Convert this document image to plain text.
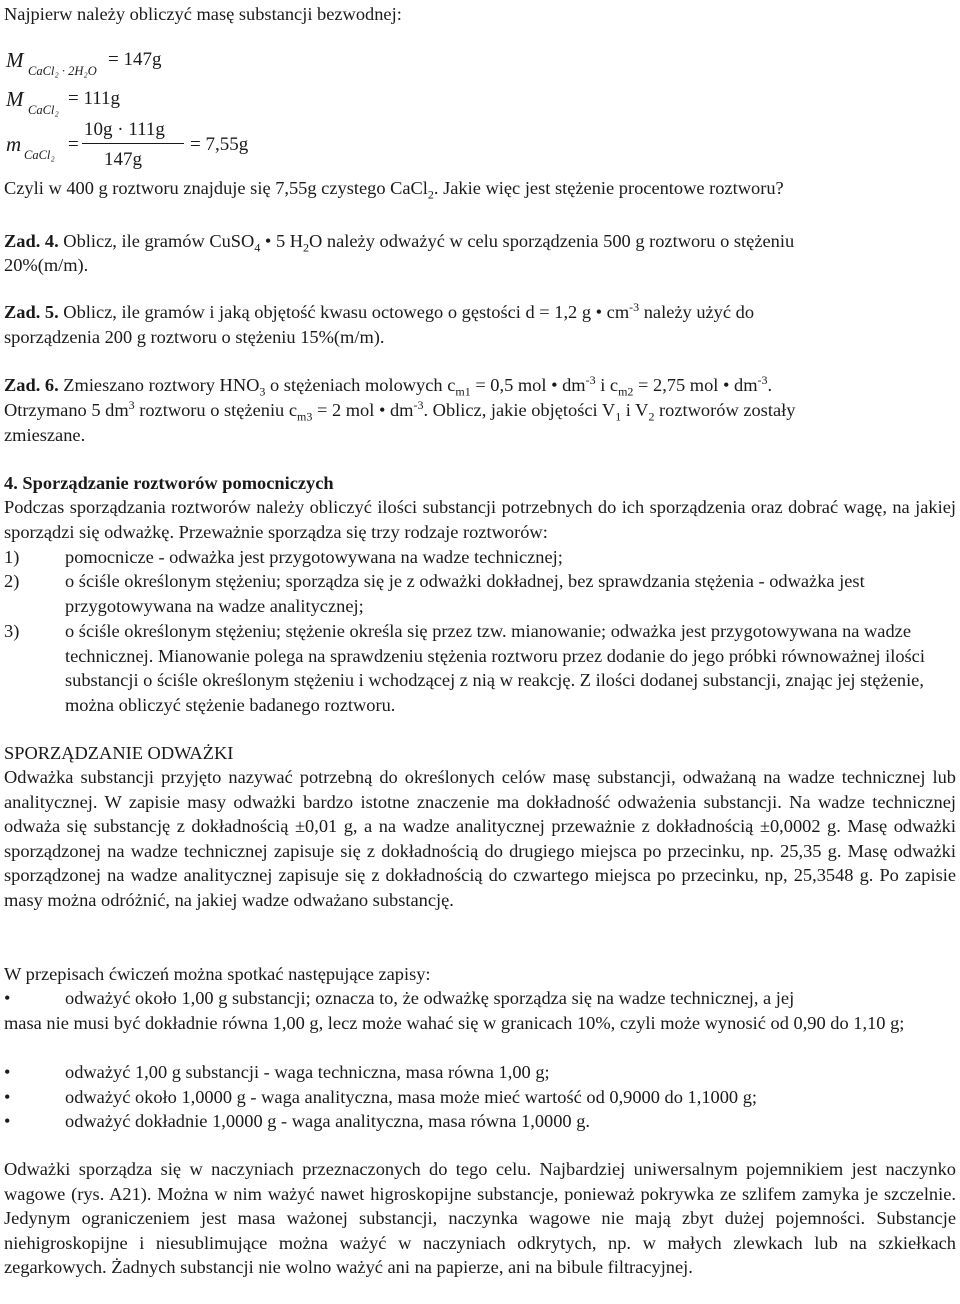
Najpierw należy obliczyć masę substancji bezwodnej:
M CaCl₂ · 2H₂O
= 147g
M CaCl₂
= 111g
m CaCl₂ =
10g · 111g
147g
= 7,55g
Czyli w 400 g roztworu znajduje się 7,55g czystego CaCl$_2$. Jakie więc jest stężenie procentowe roztworu?
Zad. 4. Oblicz, ile gramów CuSO$_4$ • 5 $H_2O$ należy odważyć w celu sporządzenia 500 g roztworu o stężeniu
20%(m/m).
Zad. 5. Oblicz, ile gramów i jaką objętość kwasu octowego o gęstości d = 1,2 g • $cm^{-3}$ należy użyć do
sporządzenia 200 g roztworu o stężeniu 15%(m/m).
Zad. 6. Zmieszano roztwory $HNO_3$ o stężeniach molowych $c_{m1} = 0,5$ mol • $dm^{-3}$ i $c_{m2} = 2,75$ mol • $dm^{-3}$.
Otrzymano 5 $dm^3$ roztworu o stężeniu $c_{m3} = 2$ mol • $dm^{-3}$. Oblicz, jakie objętości $V_1$ i $V_2$ roztworów zostały
zmieszane.
4. Sporządzanie roztworów pomocniczych
Podczas sporządzania roztworów należy obliczyć ilości substancji potrzebnych do ich sporządzenia oraz dobrać wagę, na jakiej sporządzi się odważkę. Przeważnie sporządza się trzy rodzaje roztworów:
1) pomocnicze - odważka jest przygotowywana na wadze technicznej;
2) o ściśle określonym stężeniu; sporządza się je z odważki dokładnej, bez sprawdzania stężenia - odważka jest przygotowywana na wadze analitycznej;
3) o ściśle określonym stężeniu; stężenie określa się przez tzw. mianowanie; odważka jest przygotowywana na wadze technicznej. Mianowanie polega na sprawdzeniu stężenia roztworu przez dodanie do jego próbki równoważnej ilości substancji o ściśle określonym stężeniu i wchodzącej z nią w reakcję. Z ilości dodanej substancji, znając jej stężenie, można obliczyć stężenie badanego roztworu.
SPORZĄDZANIE ODWAŻKI
Odważka substancji przyjęto nazywać potrzebną do określonych celów masę substancji, odważaną na wadze technicznej lub analitycznej. W zapisie masy odważki bardzo istotne znaczenie ma dokładność odważenia substancji. Na wadze technicznej odważa się substancję z dokładnością ±0,01 g, a na wadze analitycznej przeważnie z dokładnością ±0,0002 g. Masę odważki sporządzonej na wadze technicznej zapisuje się z dokładnością do drugiego miejsca po przecinku, np. 25,35 g. Masę odważki sporządzonej na wadze analitycznej zapisuje się z dokładnością do czwartego miejsca po przecinku, np, 25,3548 g. Po zapisie masy można odróżnić, na jakiej wadze odważano substancję.
W przepisach ćwiczeń można spotkać następujące zapisy:
•	odważyć około 1,00 g substancji; oznacza to, że odważkę sporządza się na wadze technicznej, a jej
masa nie musi być dokładnie równa 1,00 g, lecz może wahać się w granicach 10%, czyli może wynosić od 0,90 do 1,10 g;
•	odważyć 1,00 g substancji - waga techniczna, masa równa 1,00 g;
•	odważyć około 1,0000 g - waga analityczna, masa może mieć wartość od 0,9000 do 1,1000 g;
•	odważyć dokładnie 1,0000 g - waga analityczna, masa równa 1,0000 g.
Odważki sporządza się w naczyniach przeznaczonych do tego celu. Najbardziej uniwersalnym pojemnikiem jest naczynko wagowe (rys. A21). Można w nim ważyć nawet higroskopijne substancje, ponieważ pokrywka ze szlifem zamyka je szczelnie. Jedynym ograniczeniem jest masa ważonej substancji, naczynka wagowe nie mają zbyt dużej pojemności. Substancje niehigroskopijne i niesublimujące można ważyć w naczyniach odkrytych, np. w małych zlewkach lub na szkiełkach zegarkowych. Żadnych substancji nie wolno ważyć ani na papierze, ani na bibule filtracyjnej.
